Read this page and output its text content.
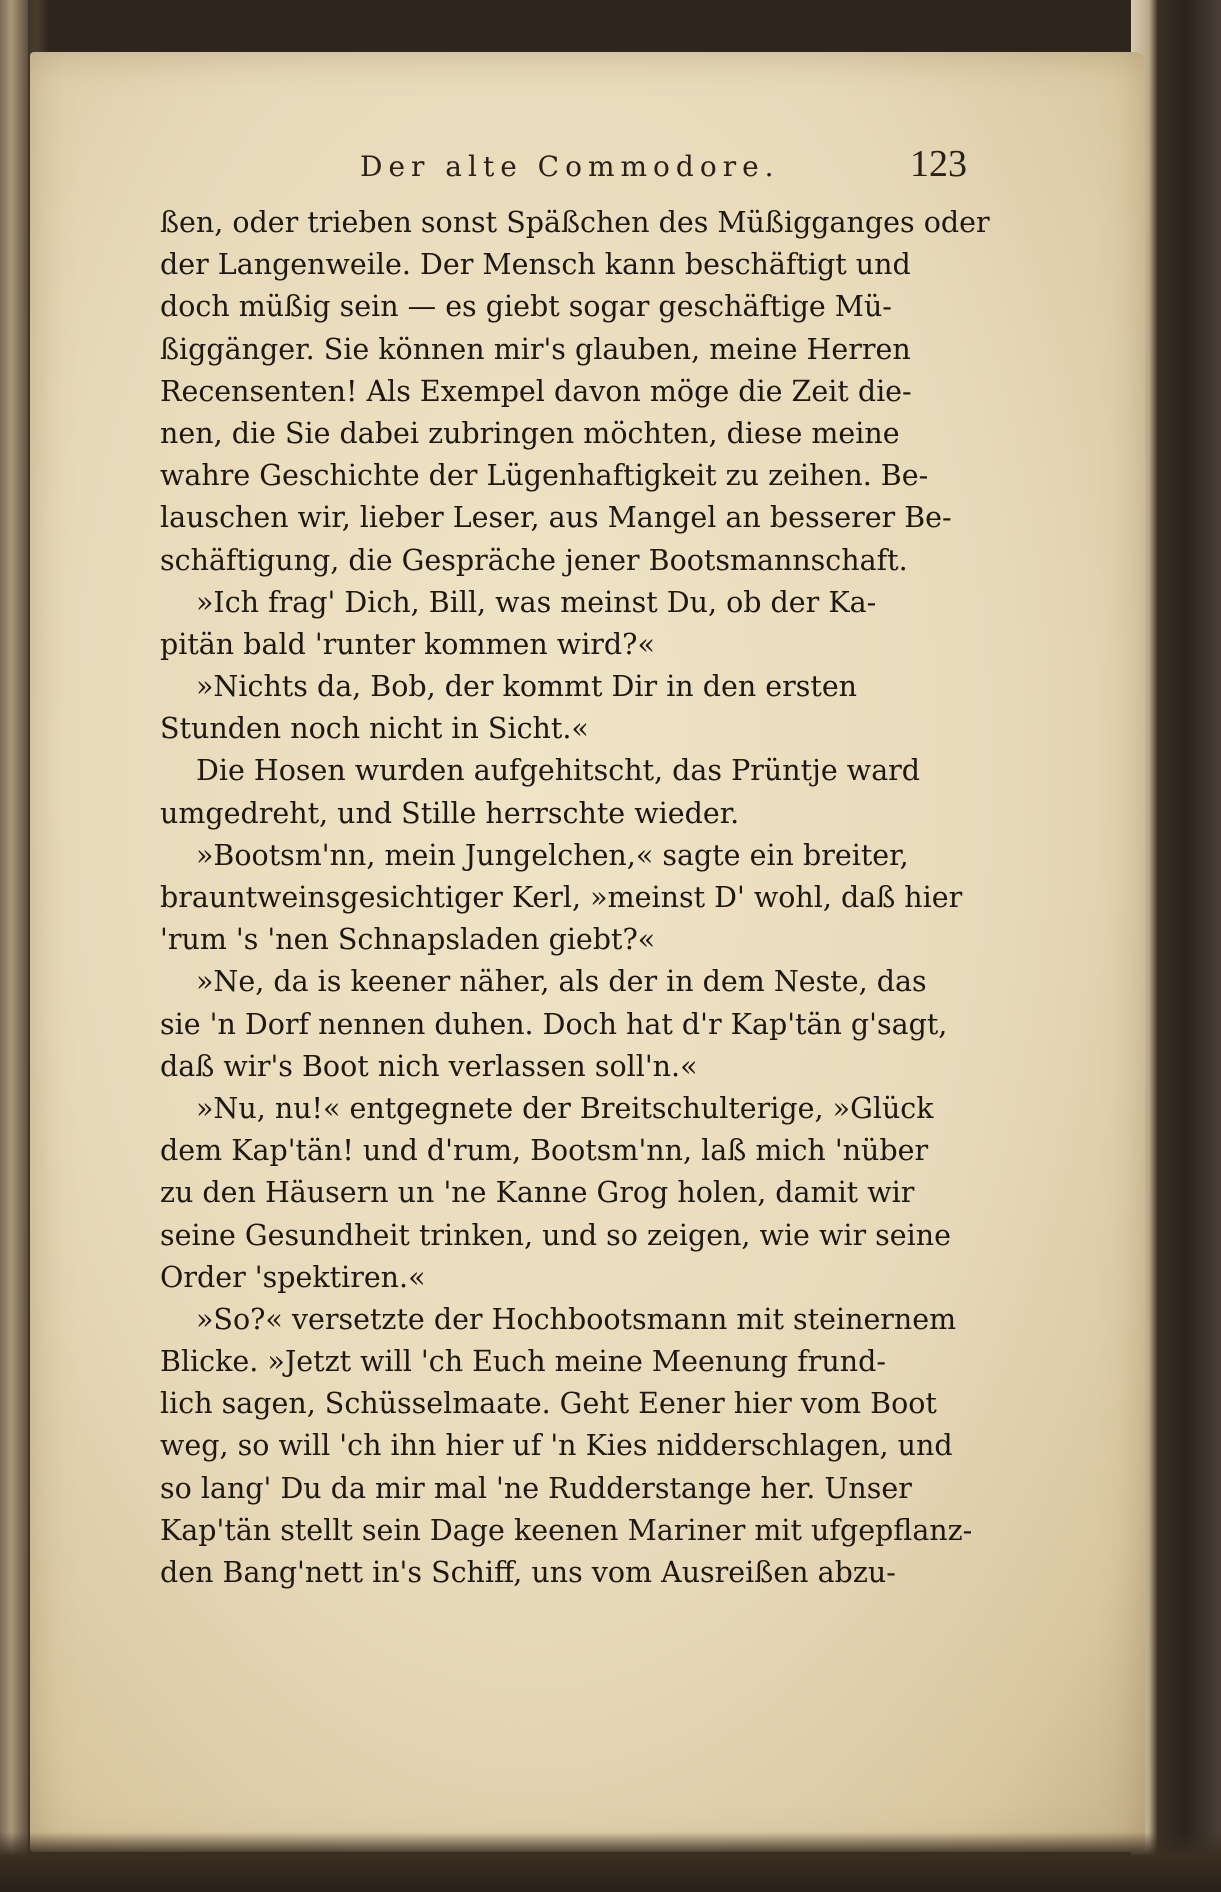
Der alte Commodore.	123
ßen, oder trieben sonst Späßchen des Müßigganges oder
der Langenweile. Der Mensch kann beschäftigt und
doch müßig sein — es giebt sogar geschäftige Mü-
ßiggänger. Sie können mir's glauben, meine Herren
Recensenten! Als Exempel davon möge die Zeit die-
nen, die Sie dabei zubringen möchten, diese meine
wahre Geschichte der Lügenhaftigkeit zu zeihen. Be-
lauschen wir, lieber Leser, aus Mangel an besserer Be-
schäftigung, die Gespräche jener Bootsmannschaft.
»Ich frag' Dich, Bill, was meinst Du, ob der Ka-
pitän bald 'runter kommen wird?«
»Nichts da, Bob, der kommt Dir in den ersten
Stunden noch nicht in Sicht.«
Die Hosen wurden aufgehitscht, das Prüntje ward
umgedreht, und Stille herrschte wieder.
»Bootsm'nn, mein Jungelchen,« sagte ein breiter,
brauntweinsgesichtiger Kerl, »meinst D' wohl, daß hier
'rum 's 'nen Schnapsladen giebt?«
»Ne, da is keener näher, als der in dem Neste, das
sie 'n Dorf nennen duhen. Doch hat d'r Kap'tän g'sagt,
daß wir's Boot nich verlassen soll'n.«
»Nu, nu!« entgegnete der Breitschulterige, »Glück
dem Kap'tän! und d'rum, Bootsm'nn, laß mich 'nüber
zu den Häusern un 'ne Kanne Grog holen, damit wir
seine Gesundheit trinken, und so zeigen, wie wir seine
Order 'spektiren.«
»So?« versetzte der Hochbootsmann mit steinernem
Blicke. »Jetzt will 'ch Euch meine Meenung frund-
lich sagen, Schüsselmaate. Geht Eener hier vom Boot
weg, so will 'ch ihn hier uf 'n Kies nidderschlagen, und
so lang' Du da mir mal 'ne Rudderstange her. Unser
Kap'tän stellt sein Dage keenen Mariner mit ufgepflanz-
den Bang'nett in's Schiff, uns vom Ausreißen abzu-
